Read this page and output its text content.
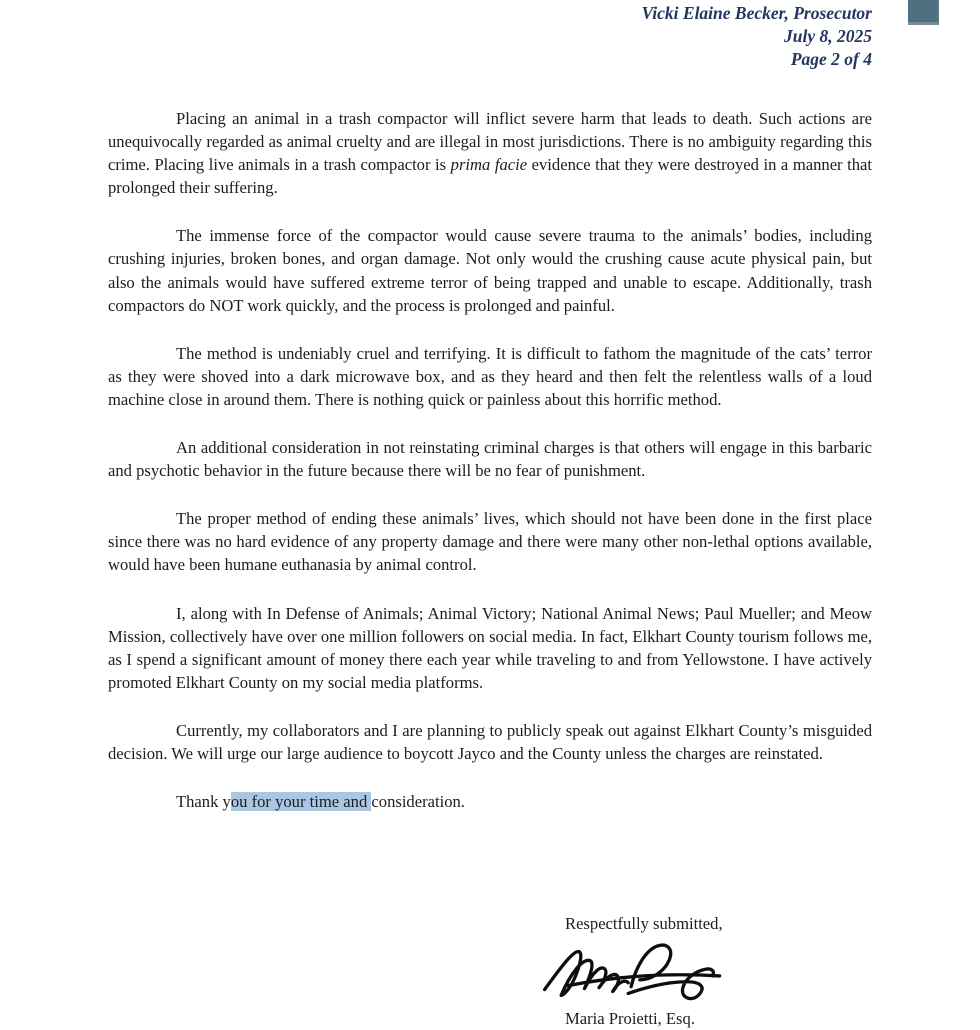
Vicki Elaine Becker, Prosecutor
July 8, 2025
Page 2 of 4

Placing an animal in a trash compactor will inflict severe harm that leads to death. Such actions are unequivocally regarded as animal cruelty and are illegal in most jurisdictions. There is no ambiguity regarding this crime. Placing live animals in a trash compactor is prima facie evidence that they were destroyed in a manner that prolonged their suffering.

The immense force of the compactor would cause severe trauma to the animals’ bodies, including crushing injuries, broken bones, and organ damage. Not only would the crushing cause acute physical pain, but also the animals would have suffered extreme terror of being trapped and unable to escape. Additionally, trash compactors do NOT work quickly, and the process is prolonged and painful.

The method is undeniably cruel and terrifying. It is difficult to fathom the magnitude of the cats’ terror as they were shoved into a dark microwave box, and as they heard and then felt the relentless walls of a loud machine close in around them. There is nothing quick or painless about this horrific method.

An additional consideration in not reinstating criminal charges is that others will engage in this barbaric and psychotic behavior in the future because there will be no fear of punishment.

The proper method of ending these animals’ lives, which should not have been done in the first place since there was no hard evidence of any property damage and there were many other non-lethal options available, would have been humane euthanasia by animal control.

I, along with In Defense of Animals; Animal Victory; National Animal News; Paul Mueller; and Meow Mission, collectively have over one million followers on social media. In fact, Elkhart County tourism follows me, as I spend a significant amount of money there each year while traveling to and from Yellowstone. I have actively promoted Elkhart County on my social media platforms.

Currently, my collaborators and I are planning to publicly speak out against Elkhart County’s misguided decision. We will urge our large audience to boycott Jayco and the County unless the charges are reinstated.

Thank you for your time and consideration.

Respectfully submitted,
Maria Proietti, Esq.
